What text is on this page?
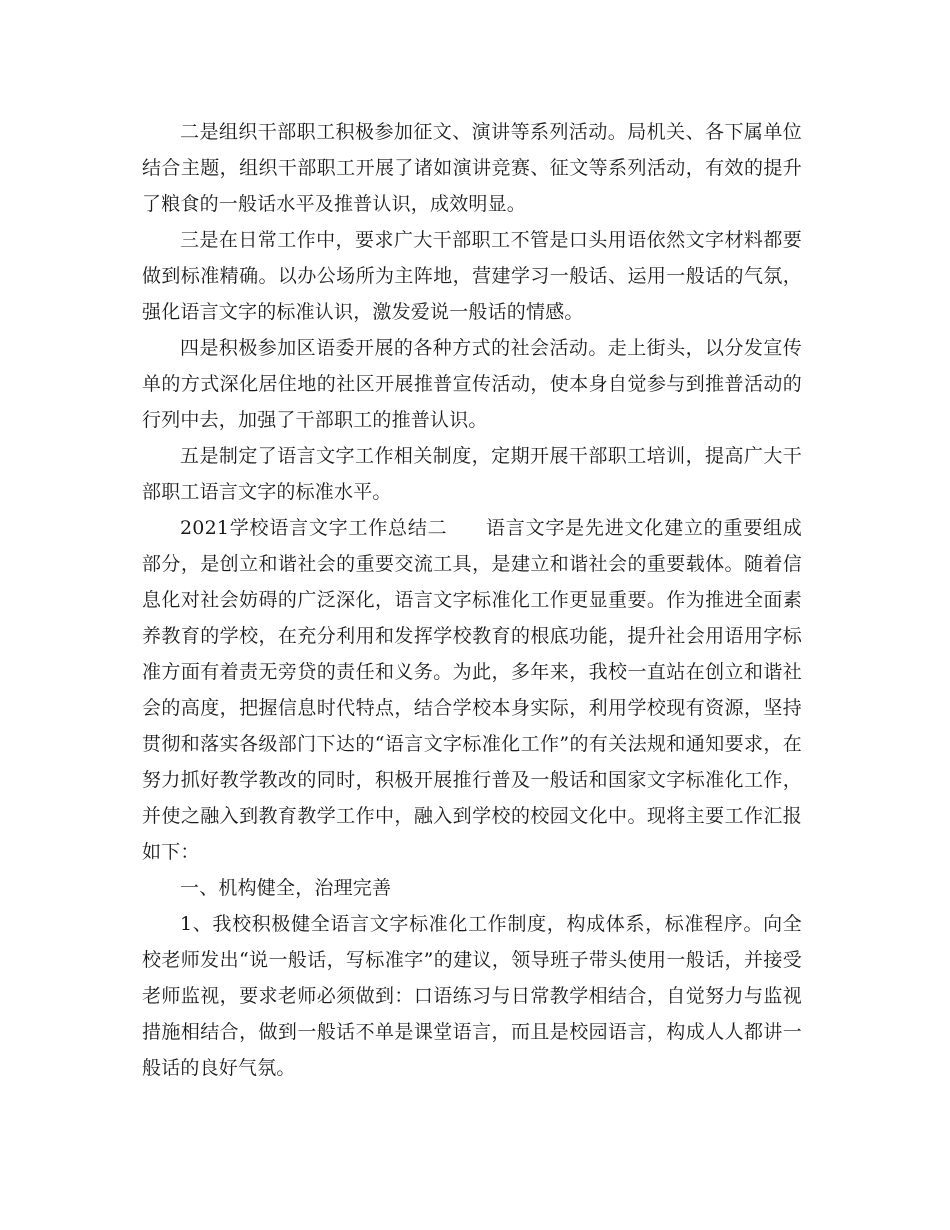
二是组织干部职工积极参加征文、演讲等系列活动。局机关、各下属单位结合主题，组织干部职工开展了诸如演讲竞赛、征文等系列活动，有效的提升了粮食的一般话水平及推普认识，成效明显。

三是在日常工作中，要求广大干部职工不管是口头用语依然文字材料都要做到标准精确。以办公场所为主阵地，营建学习一般话、运用一般话的气氛，强化语言文字的标准认识，激发爱说一般话的情感。

四是积极参加区语委开展的各种方式的社会活动。走上街头，以分发宣传单的方式深化居住地的社区开展推普宣传活动，使本身自觉参与到推普活动的行列中去，加强了干部职工的推普认识。

五是制定了语言文字工作相关制度，定期开展干部职工培训，提高广大干部职工语言文字的标准水平。

2021学校语言文字工作总结二 语言文字是先进文化建立的重要组成部分，是创立和谐社会的重要交流工具，是建立和谐社会的重要载体。随着信息化对社会妨碍的广泛深化，语言文字标准化工作更显重要。作为推进全面素养教育的学校，在充分利用和发挥学校教育的根底功能，提升社会用语用字标准方面有着责无旁贷的责任和义务。为此，多年来，我校一直站在创立和谐社会的高度，把握信息时代特点，结合学校本身实际，利用学校现有资源，坚持贯彻和落实各级部门下达的“语言文字标准化工作”的有关法规和通知要求，在努力抓好教学教改的同时，积极开展推行普及一般话和国家文字标准化工作，并使之融入到教育教学工作中，融入到学校的校园文化中。现将主要工作汇报如下：

一、机构健全，治理完善

1、我校积极健全语言文字标准化工作制度，构成体系，标准程序。向全校老师发出“说一般话，写标准字”的建议，领导班子带头使用一般话，并接受老师监视，要求老师必须做到：口语练习与日常教学相结合，自觉努力与监视措施相结合，做到一般话不单是课堂语言，而且是校园语言，构成人人都讲一般话的良好气氛。
